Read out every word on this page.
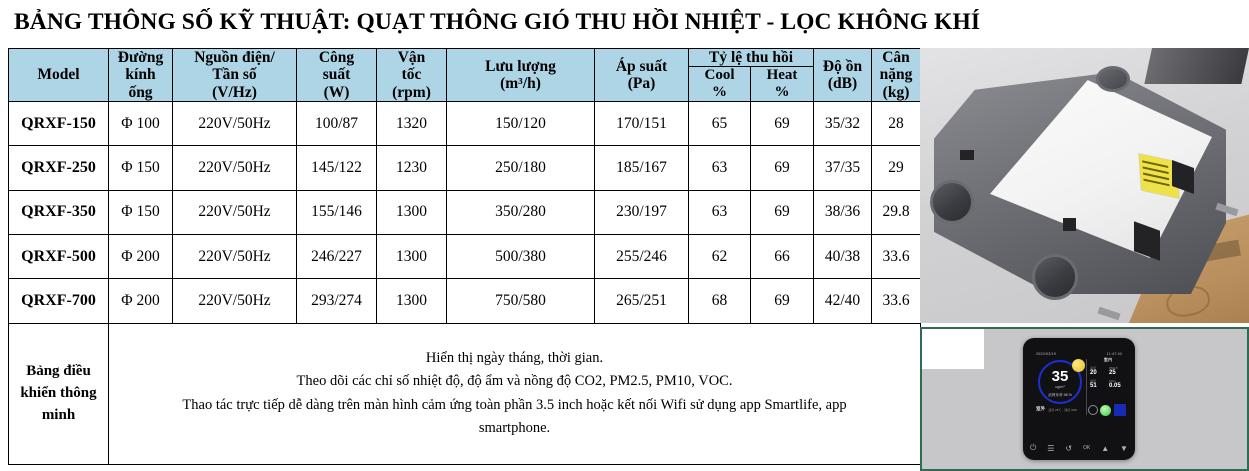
BẢNG THÔNG SỐ KỸ THUẬT: QUẠT THÔNG GIÓ THU HỒI NHIỆT - LỌC KHÔNG KHÍ
Model	Đường
kính
ống	Nguồn điện/
Tần số
(V/Hz)	Công
suất
(W)	Vận
tốc
(rpm)	Lưu lượng
(m³/h)	Áp suất
(Pa)	Tỷ lệ thu hồi		Độ ồn
(dB)	Cân
nặng
(kg)
							Cool
%	Heat
%		
QRXF-150	Φ 100	220V/50Hz	100/87	1320	150/120	170/151	65	69	35/32	28
QRXF-250	Φ 150	220V/50Hz	145/122	1230	250/180	185/167	63	69	37/35	29
QRXF-350	Φ 150	220V/50Hz	155/146	1300	350/280	230/197	63	69	38/36	29.8
QRXF-500	Φ 200	220V/50Hz	246/227	1300	500/380	255/246	62	66	40/38	33.6
QRXF-700	Φ 200	220V/50Hz	293/274	1300	750/580	265/251	68	69	42/40	33.6
Bảng điều
khiển thông
minh	
Hiển thị ngày tháng, thời gian.
Theo dõi các chỉ số nhiệt độ, độ ẩm và nồng độ CO2, PM2.5, PM10, VOC.
Thao tác trực tiếp dễ dàng trên màn hình cảm ứng toàn phần 3.5 inch hoặc kết nối Wifi sử dụng app Smartlife, app
smartphone.
2020/03/19	11:47:40
35
ug/m³
滤网寿命 98 %
室内
温度
20
PM2.5
25
湿度
51
VOC
0.05
室外 温度 28℃ 湿度 60%
⏻ ☰ ↺ OK ▲ ▼
